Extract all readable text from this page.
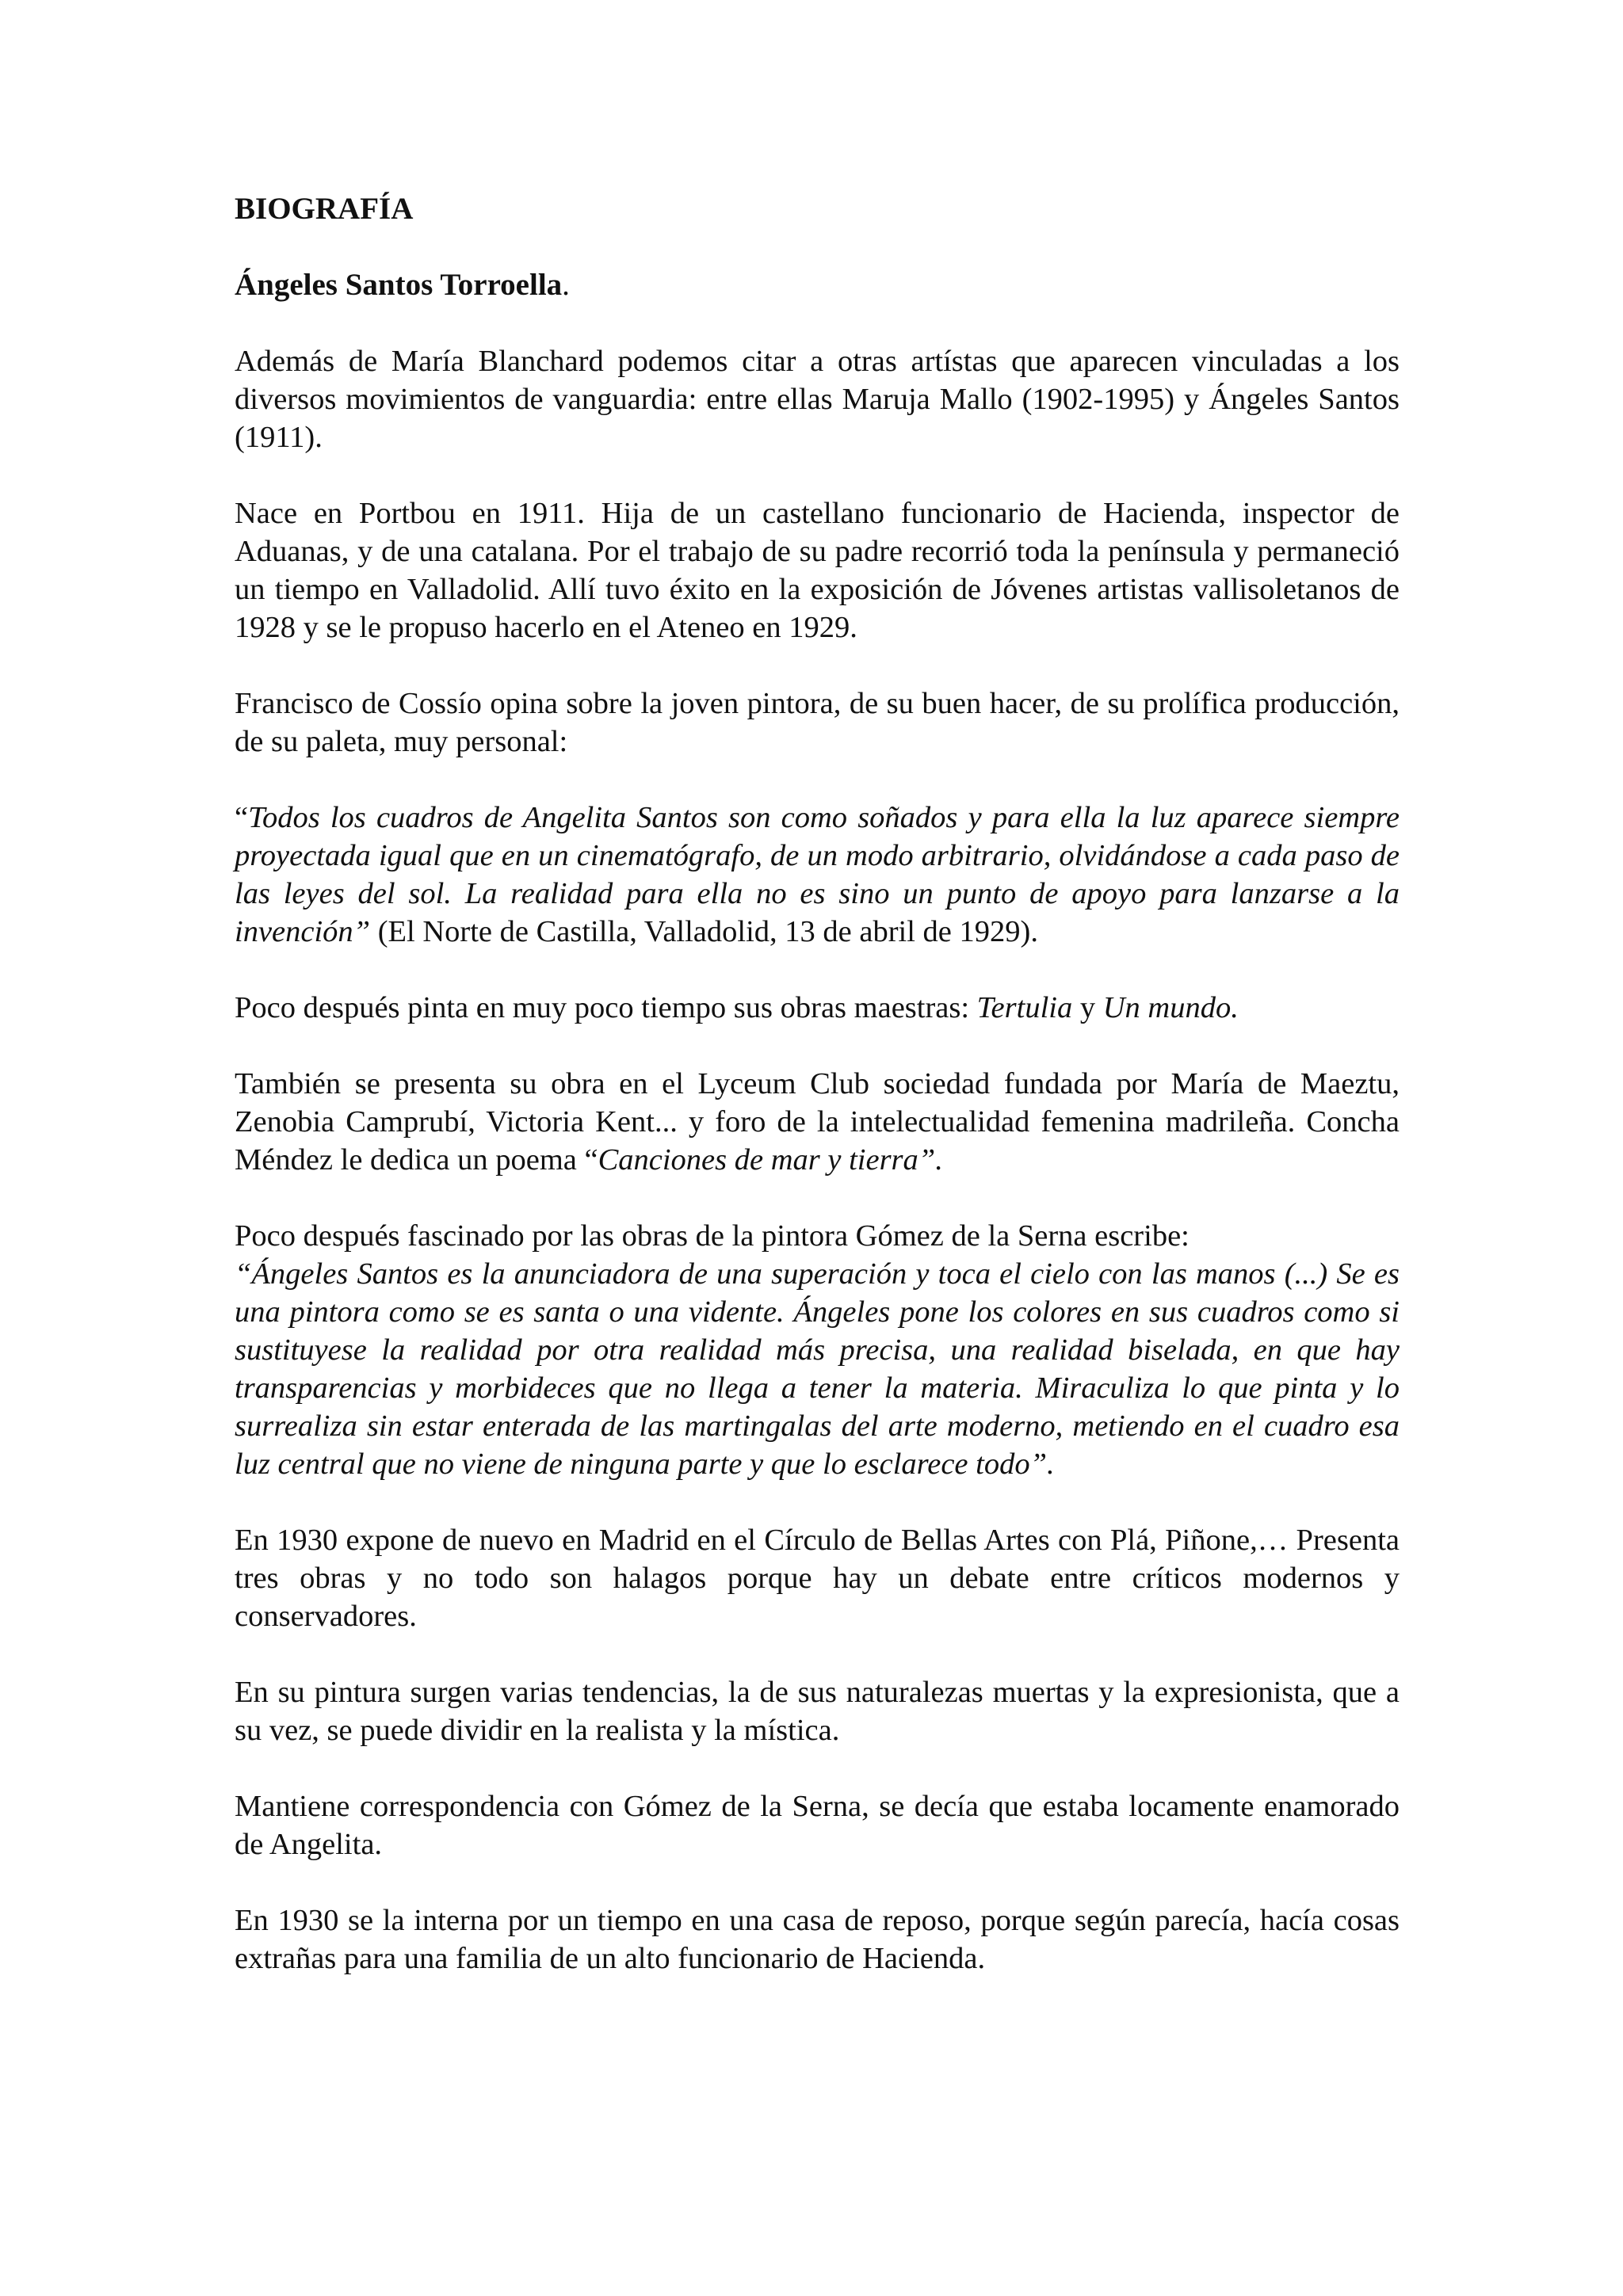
BIOGRAFÍA

Ángeles Santos Torroella.

Además de María Blanchard podemos citar a otras artístas que aparecen vinculadas a los diversos movimientos de vanguardia: entre ellas Maruja Mallo (1902-1995) y Ángeles Santos (1911).

Nace en Portbou en 1911. Hija de un castellano funcionario de Hacienda, inspector de Aduanas, y de una catalana. Por el trabajo de su padre recorrió toda la península y permaneció un tiempo en Valladolid. Allí tuvo éxito en la exposición de Jóvenes artistas vallisoletanos de 1928 y se le propuso hacerlo en el Ateneo en 1929.

Francisco de Cossío opina sobre la joven pintora, de su buen hacer, de su prolífica producción, de su paleta, muy personal:

“Todos los cuadros de Angelita Santos son como soñados y para ella la luz aparece siempre proyectada igual que en un cinematógrafo, de un modo arbitrario, olvidándose a cada paso de las leyes del sol. La realidad para ella no es sino un punto de apoyo para lanzarse a la invención” (El Norte de Castilla, Valladolid, 13 de abril de 1929).

Poco después pinta en muy poco tiempo sus obras maestras: Tertulia y Un mundo.

También se presenta su obra en el Lyceum Club sociedad fundada por María de Maeztu, Zenobia Camprubí, Victoria Kent... y foro de la intelectualidad femenina madrileña. Concha Méndez le dedica un poema “Canciones de mar y tierra”.

Poco después fascinado por las obras de la pintora Gómez de la Serna escribe:

“Ángeles Santos es la anunciadora de una superación y toca el cielo con las manos (...) Se es una pintora como se es santa o una vidente. Ángeles pone los colores en sus cuadros como si sustituyese la realidad por otra realidad más precisa, una realidad biselada, en que hay transparencias y morbideces que no llega a tener la materia. Miraculiza lo que pinta y lo surrealiza sin estar enterada de las martingalas del arte moderno, metiendo en el cuadro esa luz central que no viene de ninguna parte y que lo esclarece todo”.

En 1930 expone de nuevo en Madrid en el Círculo de Bellas Artes con Plá, Piñone,… Presenta tres obras y no todo son halagos porque hay un debate entre críticos modernos y conservadores.

En su pintura surgen varias tendencias, la de sus naturalezas muertas y la expresionista, que a su vez, se puede dividir en la realista y la mística.

Mantiene correspondencia con Gómez de la Serna, se decía que estaba locamente enamorado de Angelita.

En 1930 se la interna por un tiempo en una casa de reposo, porque según parecía, hacía cosas extrañas para una familia de un alto funcionario de Hacienda.
